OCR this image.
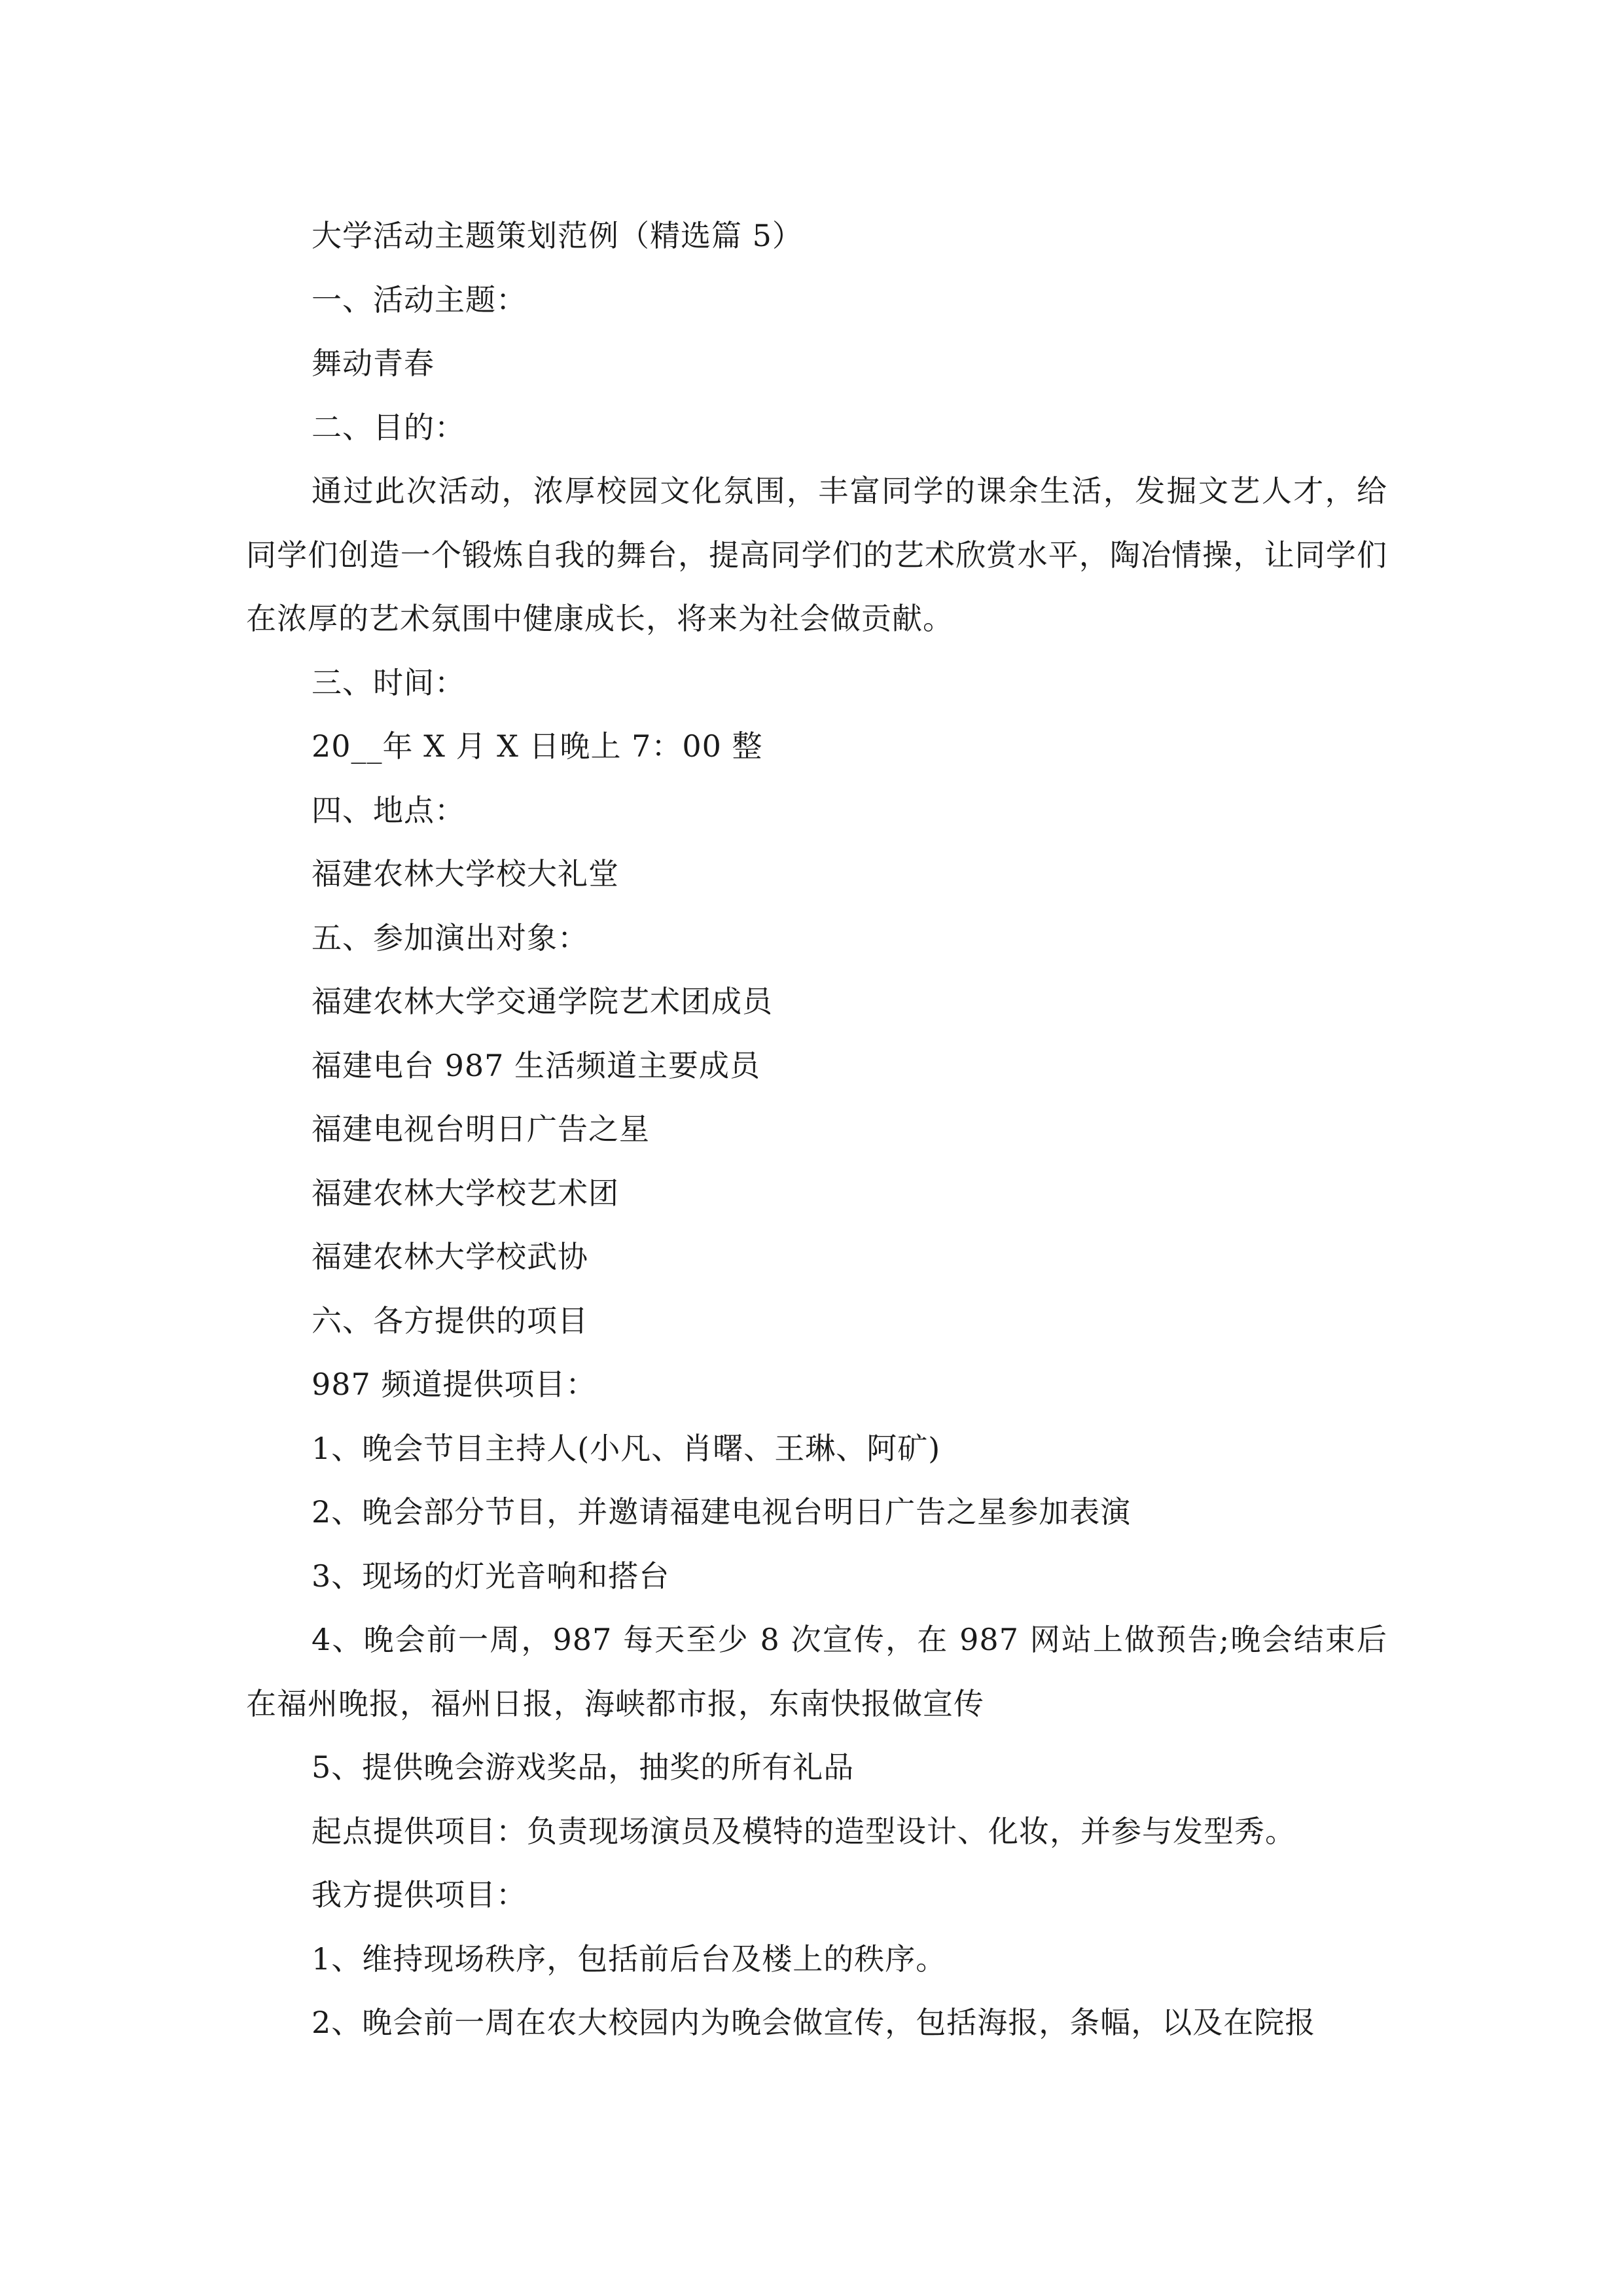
大学活动主题策划范例（精选篇 5）
一、活动主题：
舞动青春
二、目的：
通过此次活动，浓厚校园文化氛围，丰富同学的课余生活，发掘文艺人才，给同学们创造一个锻炼自我的舞台，提高同学们的艺术欣赏水平，陶冶情操，让同学们在浓厚的艺术氛围中健康成长，将来为社会做贡献。
三、时间：
20__年 X 月 X 日晚上 7：00 整
四、地点：
福建农林大学校大礼堂
五、参加演出对象：
福建农林大学交通学院艺术团成员
福建电台 987 生活频道主要成员
福建电视台明日广告之星
福建农林大学校艺术团
福建农林大学校武协
六、各方提供的项目
987 频道提供项目：
1、晚会节目主持人(小凡、肖曙、王琳、阿矿)
2、晚会部分节目，并邀请福建电视台明日广告之星参加表演
3、现场的灯光音响和搭台
4、晚会前一周，987 每天至少 8 次宣传，在 987 网站上做预告;晚会结束后在福州晚报，福州日报，海峡都市报，东南快报做宣传
5、提供晚会游戏奖品，抽奖的所有礼品
起点提供项目：负责现场演员及模特的造型设计、化妆，并参与发型秀。
我方提供项目：
1、维持现场秩序，包括前后台及楼上的秩序。
2、晚会前一周在农大校园内为晚会做宣传，包括海报，条幅，以及在院报
